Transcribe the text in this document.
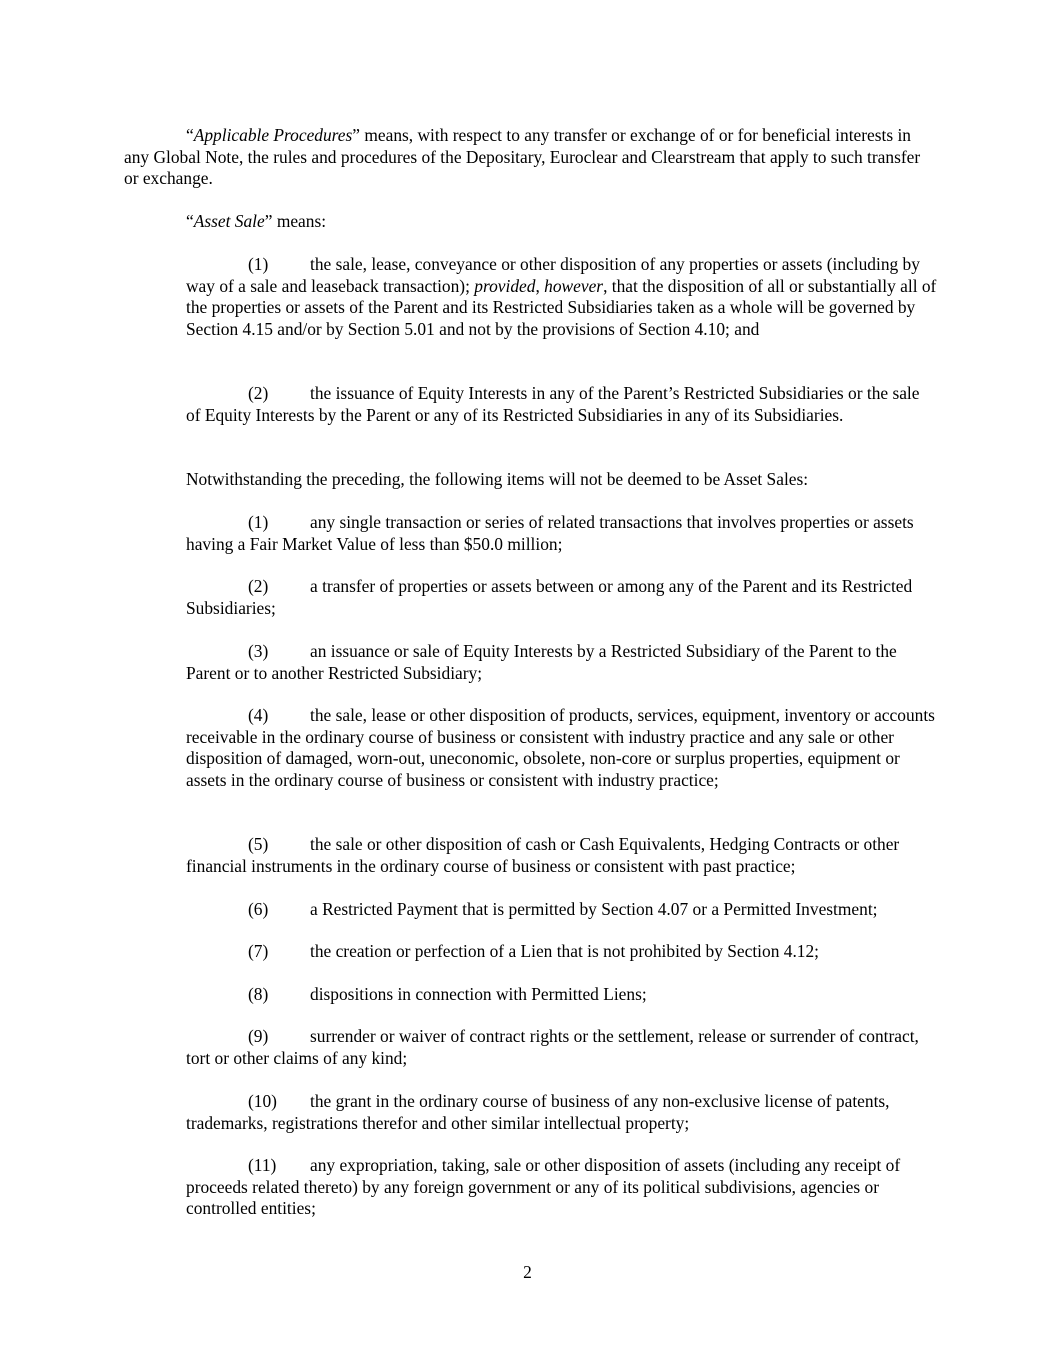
“Applicable Procedures” means, with respect to any transfer or exchange of or for beneficial interests in any Global Note, the rules and procedures of the Depositary, Euroclear and Clearstream that apply to such transfer or exchange.

“Asset Sale” means:

(1) the sale, lease, conveyance or other disposition of any properties or assets (including by way of a sale and leaseback transaction); provided, however, that the disposition of all or substantially all of the properties or assets of the Parent and its Restricted Subsidiaries taken as a whole will be governed by Section 4.15 and/or by Section 5.01 and not by the provisions of Section 4.10; and

(2) the issuance of Equity Interests in any of the Parent’s Restricted Subsidiaries or the sale of Equity Interests by the Parent or any of its Restricted Subsidiaries in any of its Subsidiaries.

Notwithstanding the preceding, the following items will not be deemed to be Asset Sales:

(1) any single transaction or series of related transactions that involves properties or assets having a Fair Market Value of less than $50.0 million;

(2) a transfer of properties or assets between or among any of the Parent and its Restricted Subsidiaries;

(3) an issuance or sale of Equity Interests by a Restricted Subsidiary of the Parent to the Parent or to another Restricted Subsidiary;

(4) the sale, lease or other disposition of products, services, equipment, inventory or accounts receivable in the ordinary course of business or consistent with industry practice and any sale or other disposition of damaged, worn-out, uneconomic, obsolete, non-core or surplus properties, equipment or assets in the ordinary course of business or consistent with industry practice;

(5) the sale or other disposition of cash or Cash Equivalents, Hedging Contracts or other financial instruments in the ordinary course of business or consistent with past practice;

(6) a Restricted Payment that is permitted by Section 4.07 or a Permitted Investment;

(7) the creation or perfection of a Lien that is not prohibited by Section 4.12;

(8) dispositions in connection with Permitted Liens;

(9) surrender or waiver of contract rights or the settlement, release or surrender of contract, tort or other claims of any kind;

(10) the grant in the ordinary course of business of any non-exclusive license of patents, trademarks, registrations therefor and other similar intellectual property;

(11) any expropriation, taking, sale or other disposition of assets (including any receipt of proceeds related thereto) by any foreign government or any of its political subdivisions, agencies or controlled entities;

2
